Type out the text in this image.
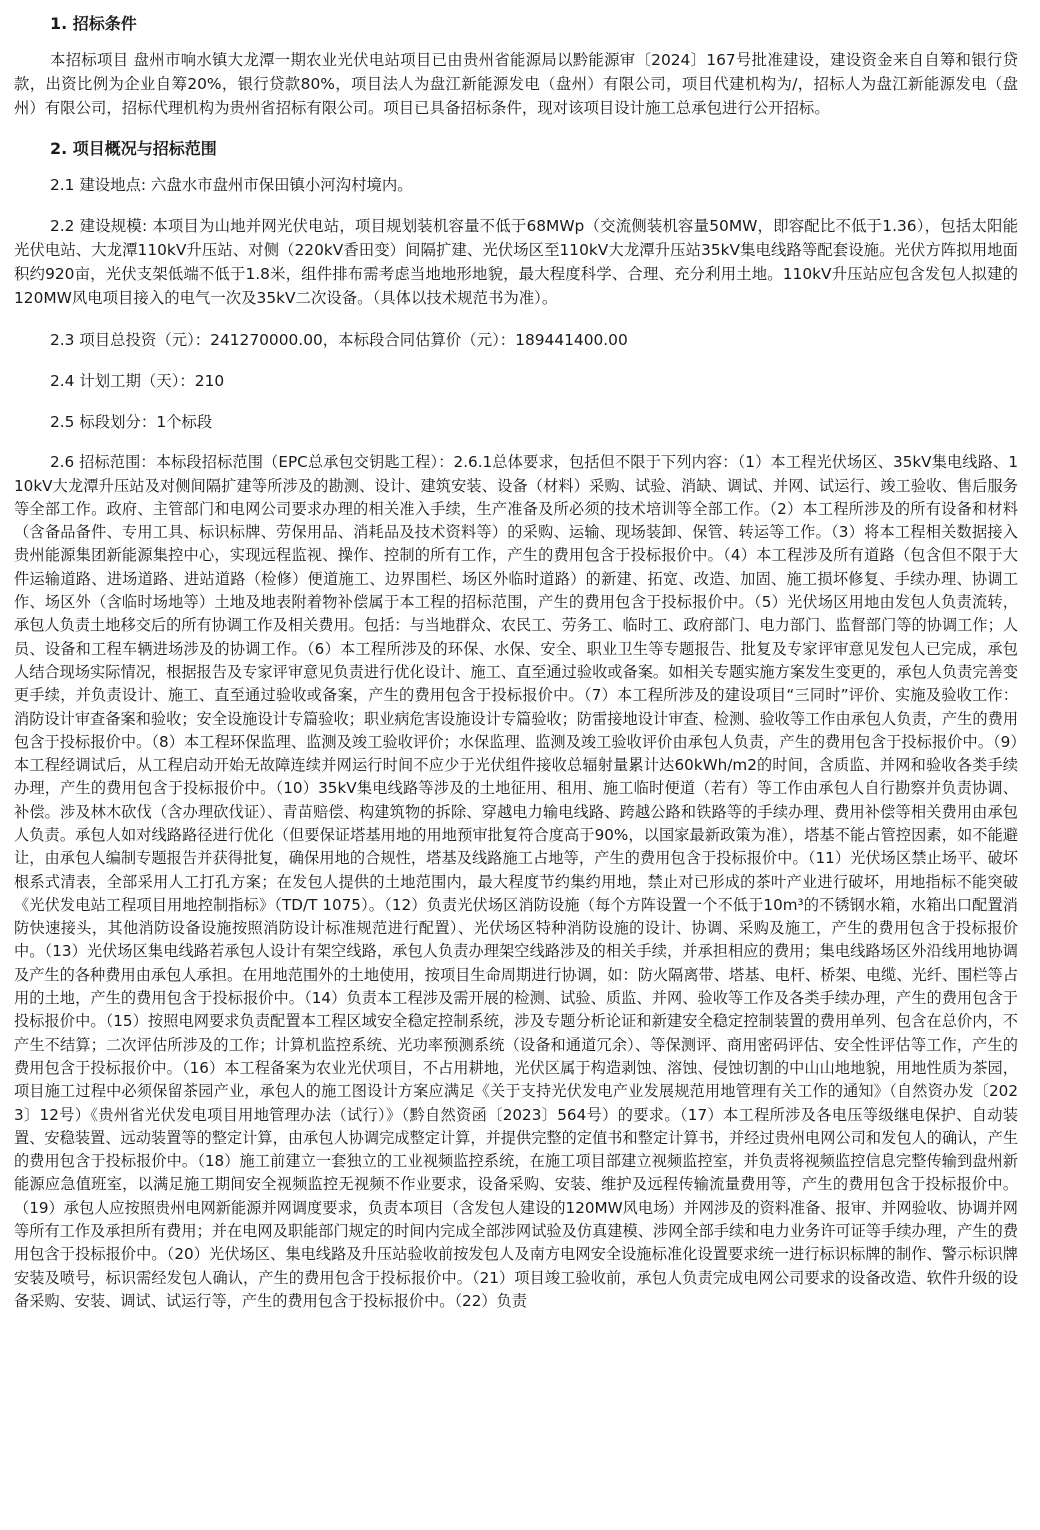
1. 招标条件

本招标项目 盘州市响水镇大龙潭一期农业光伏电站项目已由贵州省能源局以黔能源审〔2024〕167号批准建设，建设资金来自自筹和银行贷款，出资比例为企业自筹20%，银行贷款80%，项目法人为盘江新能源发电（盘州）有限公司，项目代建机构为/，招标人为盘江新能源发电（盘州）有限公司，招标代理机构为贵州省招标有限公司。项目已具备招标条件，现对该项目设计施工总承包进行公开招标。

2. 项目概况与招标范围

2.1 建设地点: 六盘水市盘州市保田镇小河沟村境内。

2.2 建设规模: 本项目为山地并网光伏电站，项目规划装机容量不低于68MWp（交流侧装机容量50MW，即容配比不低于1.36），包括太阳能光伏电站、大龙潭110kV升压站、对侧（220kV香田变）间隔扩建、光伏场区至110kV大龙潭升压站35kV集电线路等配套设施。光伏方阵拟用地面积约920亩，光伏支架低端不低于1.8米，组件排布需考虑当地地形地貌，最大程度科学、合理、充分利用土地。110kV升压站应包含发包人拟建的120MW风电项目接入的电气一次及35kV二次设备。（具体以技术规范书为准）。

2.3 项目总投资（元）：241270000.00，本标段合同估算价（元）：189441400.00

2.4 计划工期（天）：210

2.5 标段划分：1个标段

2.6 招标范围：本标段招标范围（EPC总承包交钥匙工程）：2.6.1总体要求，包括但不限于下列内容：（1）本工程光伏场区、35kV集电线路、110kV大龙潭升压站及对侧间隔扩建等所涉及的勘测、设计、建筑安装、设备（材料）采购、试验、消缺、调试、并网、试运行、竣工验收、售后服务等全部工作。政府、主管部门和电网公司要求办理的相关准入手续，生产准备及所必须的技术培训等全部工作。（2）本工程所涉及的所有设备和材料（含备品备件、专用工具、标识标牌、劳保用品、消耗品及技术资料等）的采购、运输、现场装卸、保管、转运等工作。（3）将本工程相关数据接入贵州能源集团新能源集控中心，实现远程监视、操作、控制的所有工作，产生的费用包含于投标报价中。（4）本工程涉及所有道路（包含但不限于大件运输道路、进场道路、进站道路（检修）便道施工、边界围栏、场区外临时道路）的新建、拓宽、改造、加固、施工损坏修复、手续办理、协调工作、场区外（含临时场地等）土地及地表附着物补偿属于本工程的招标范围，产生的费用包含于投标报价中。（5）光伏场区用地由发包人负责流转，承包人负责土地移交后的所有协调工作及相关费用。包括：与当地群众、农民工、劳务工、临时工、政府部门、电力部门、监督部门等的协调工作；人员、设备和工程车辆进场涉及的协调工作。（6）本工程所涉及的环保、水保、安全、职业卫生等专题报告、批复及专家评审意见发包人已完成，承包人结合现场实际情况，根据报告及专家评审意见负责进行优化设计、施工、直至通过验收或备案。如相关专题实施方案发生变更的，承包人负责完善变更手续，并负责设计、施工、直至通过验收或备案，产生的费用包含于投标报价中。（7）本工程所涉及的建设项目“三同时”评价、实施及验收工作：消防设计审查备案和验收；安全设施设计专篇验收；职业病危害设施设计专篇验收；防雷接地设计审查、检测、验收等工作由承包人负责，产生的费用包含于投标报价中。（8）本工程环保监理、监测及竣工验收评价；水保监理、监测及竣工验收评价由承包人负责，产生的费用包含于投标报价中。（9）本工程经调试后，从工程启动开始无故障连续并网运行时间不应少于光伏组件接收总辐射量累计达60kWh/m2的时间，含质监、并网和验收各类手续办理，产生的费用包含于投标报价中。（10）35kV集电线路等涉及的土地征用、租用、施工临时便道（若有）等工作由承包人自行勘察并负责协调、补偿。涉及林木砍伐（含办理砍伐证）、青苗赔偿、构建筑物的拆除、穿越电力输电线路、跨越公路和铁路等的手续办理、费用补偿等相关费用由承包人负责。承包人如对线路路径进行优化（但要保证塔基用地的用地预审批复符合度高于90%，以国家最新政策为准），塔基不能占管控因素，如不能避让，由承包人编制专题报告并获得批复，确保用地的合规性，塔基及线路施工占地等，产生的费用包含于投标报价中。（11）光伏场区禁止场平、破坏根系式清表，全部采用人工打孔方案；在发包人提供的土地范围内，最大程度节约集约用地，禁止对已形成的茶叶产业进行破坏，用地指标不能突破《光伏发电站工程项目用地控制指标》（TD/T 1075）。（12）负责光伏场区消防设施（每个方阵设置一个不低于10m³的不锈钢水箱，水箱出口配置消防快速接头，其他消防设备设施按照消防设计标准规范进行配置）、光伏场区特种消防设施的设计、协调、采购及施工，产生的费用包含于投标报价中。（13）光伏场区集电线路若承包人设计有架空线路，承包人负责办理架空线路涉及的相关手续，并承担相应的费用；集电线路场区外沿线用地协调及产生的各种费用由承包人承担。在用地范围外的土地使用，按项目生命周期进行协调，如：防火隔离带、塔基、电杆、桥架、电缆、光纤、围栏等占用的土地，产生的费用包含于投标报价中。（14）负责本工程涉及需开展的检测、试验、质监、并网、验收等工作及各类手续办理，产生的费用包含于投标报价中。（15）按照电网要求负责配置本工程区域安全稳定控制系统，涉及专题分析论证和新建安全稳定控制装置的费用单列、包含在总价内，不产生不结算；二次评估所涉及的工作；计算机监控系统、光功率预测系统（设备和通道冗余）、等保测评、商用密码评估、安全性评估等工作，产生的费用包含于投标报价中。（16）本工程备案为农业光伏项目，不占用耕地，光伏区属于构造剥蚀、溶蚀、侵蚀切割的中山山地地貌，用地性质为茶园，项目施工过程中必须保留茶园产业，承包人的施工图设计方案应满足《关于支持光伏发电产业发展规范用地管理有关工作的通知》（自然资办发〔2023〕12号）《贵州省光伏发电项目用地管理办法（试行）》（黔自然资函〔2023〕564号）的要求。（17）本工程所涉及各电压等级继电保护、自动装置、安稳装置、远动装置等的整定计算，由承包人协调完成整定计算，并提供完整的定值书和整定计算书，并经过贵州电网公司和发包人的确认，产生的费用包含于投标报价中。（18）施工前建立一套独立的工业视频监控系统，在施工项目部建立视频监控室，并负责将视频监控信息完整传输到盘州新能源应急值班室，以满足施工期间安全视频监控无视频不作业要求，设备采购、安装、维护及远程传输流量费用等，产生的费用包含于投标报价中。（19）承包人应按照贵州电网新能源并网调度要求，负责本项目（含发包人建设的120MW风电场）并网涉及的资料准备、报审、并网验收、协调并网等所有工作及承担所有费用；并在电网及职能部门规定的时间内完成全部涉网试验及仿真建模、涉网全部手续和电力业务许可证等手续办理，产生的费用包含于投标报价中。（20）光伏场区、集电线路及升压站验收前按发包人及南方电网安全设施标准化设置要求统一进行标识标牌的制作、警示标识牌安装及喷号，标识需经发包人确认，产生的费用包含于投标报价中。（21）项目竣工验收前，承包人负责完成电网公司要求的设备改造、软件升级的设备采购、安装、调试、试运行等，产生的费用包含于投标报价中。（22）负责
